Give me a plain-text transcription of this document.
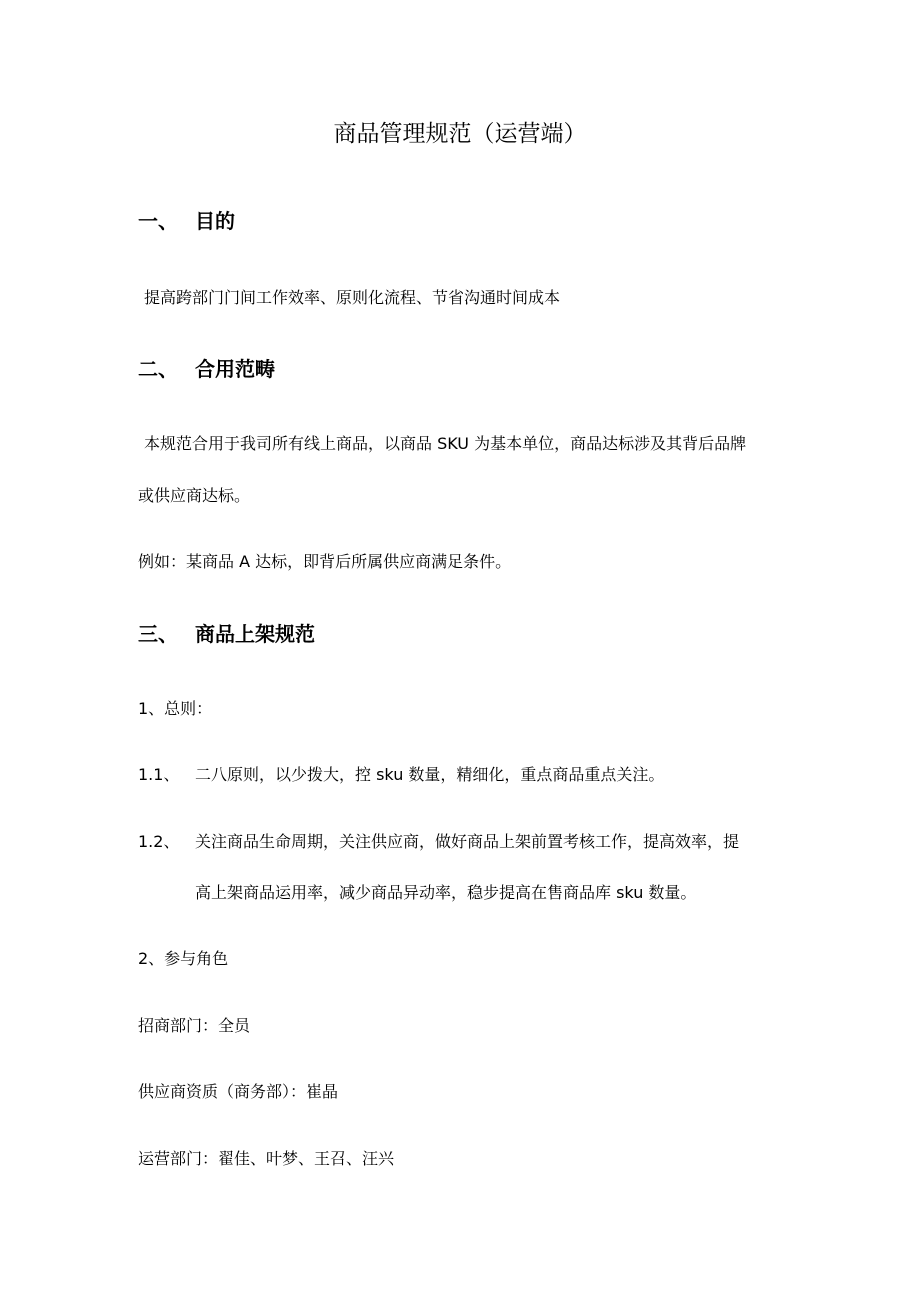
商品管理规范（运营端）
一、 目的
提高跨部门门间工作效率、原则化流程、节省沟通时间成本
二、 合用范畴
本规范合用于我司所有线上商品，以商品 SKU 为基本单位，商品达标涉及其背后品牌
或供应商达标。
例如：某商品 A 达标，即背后所属供应商满足条件。
三、 商品上架规范
1、总则：
1.1、 二八原则，以少拨大，控 sku 数量，精细化，重点商品重点关注。
1.2、 关注商品生命周期，关注供应商，做好商品上架前置考核工作，提高效率，提
高上架商品运用率，减少商品异动率，稳步提高在售商品库 sku 数量。
2、参与角色
招商部门：全员
供应商资质（商务部）：崔晶
运营部门：翟佳、叶梦、王召、汪兴
